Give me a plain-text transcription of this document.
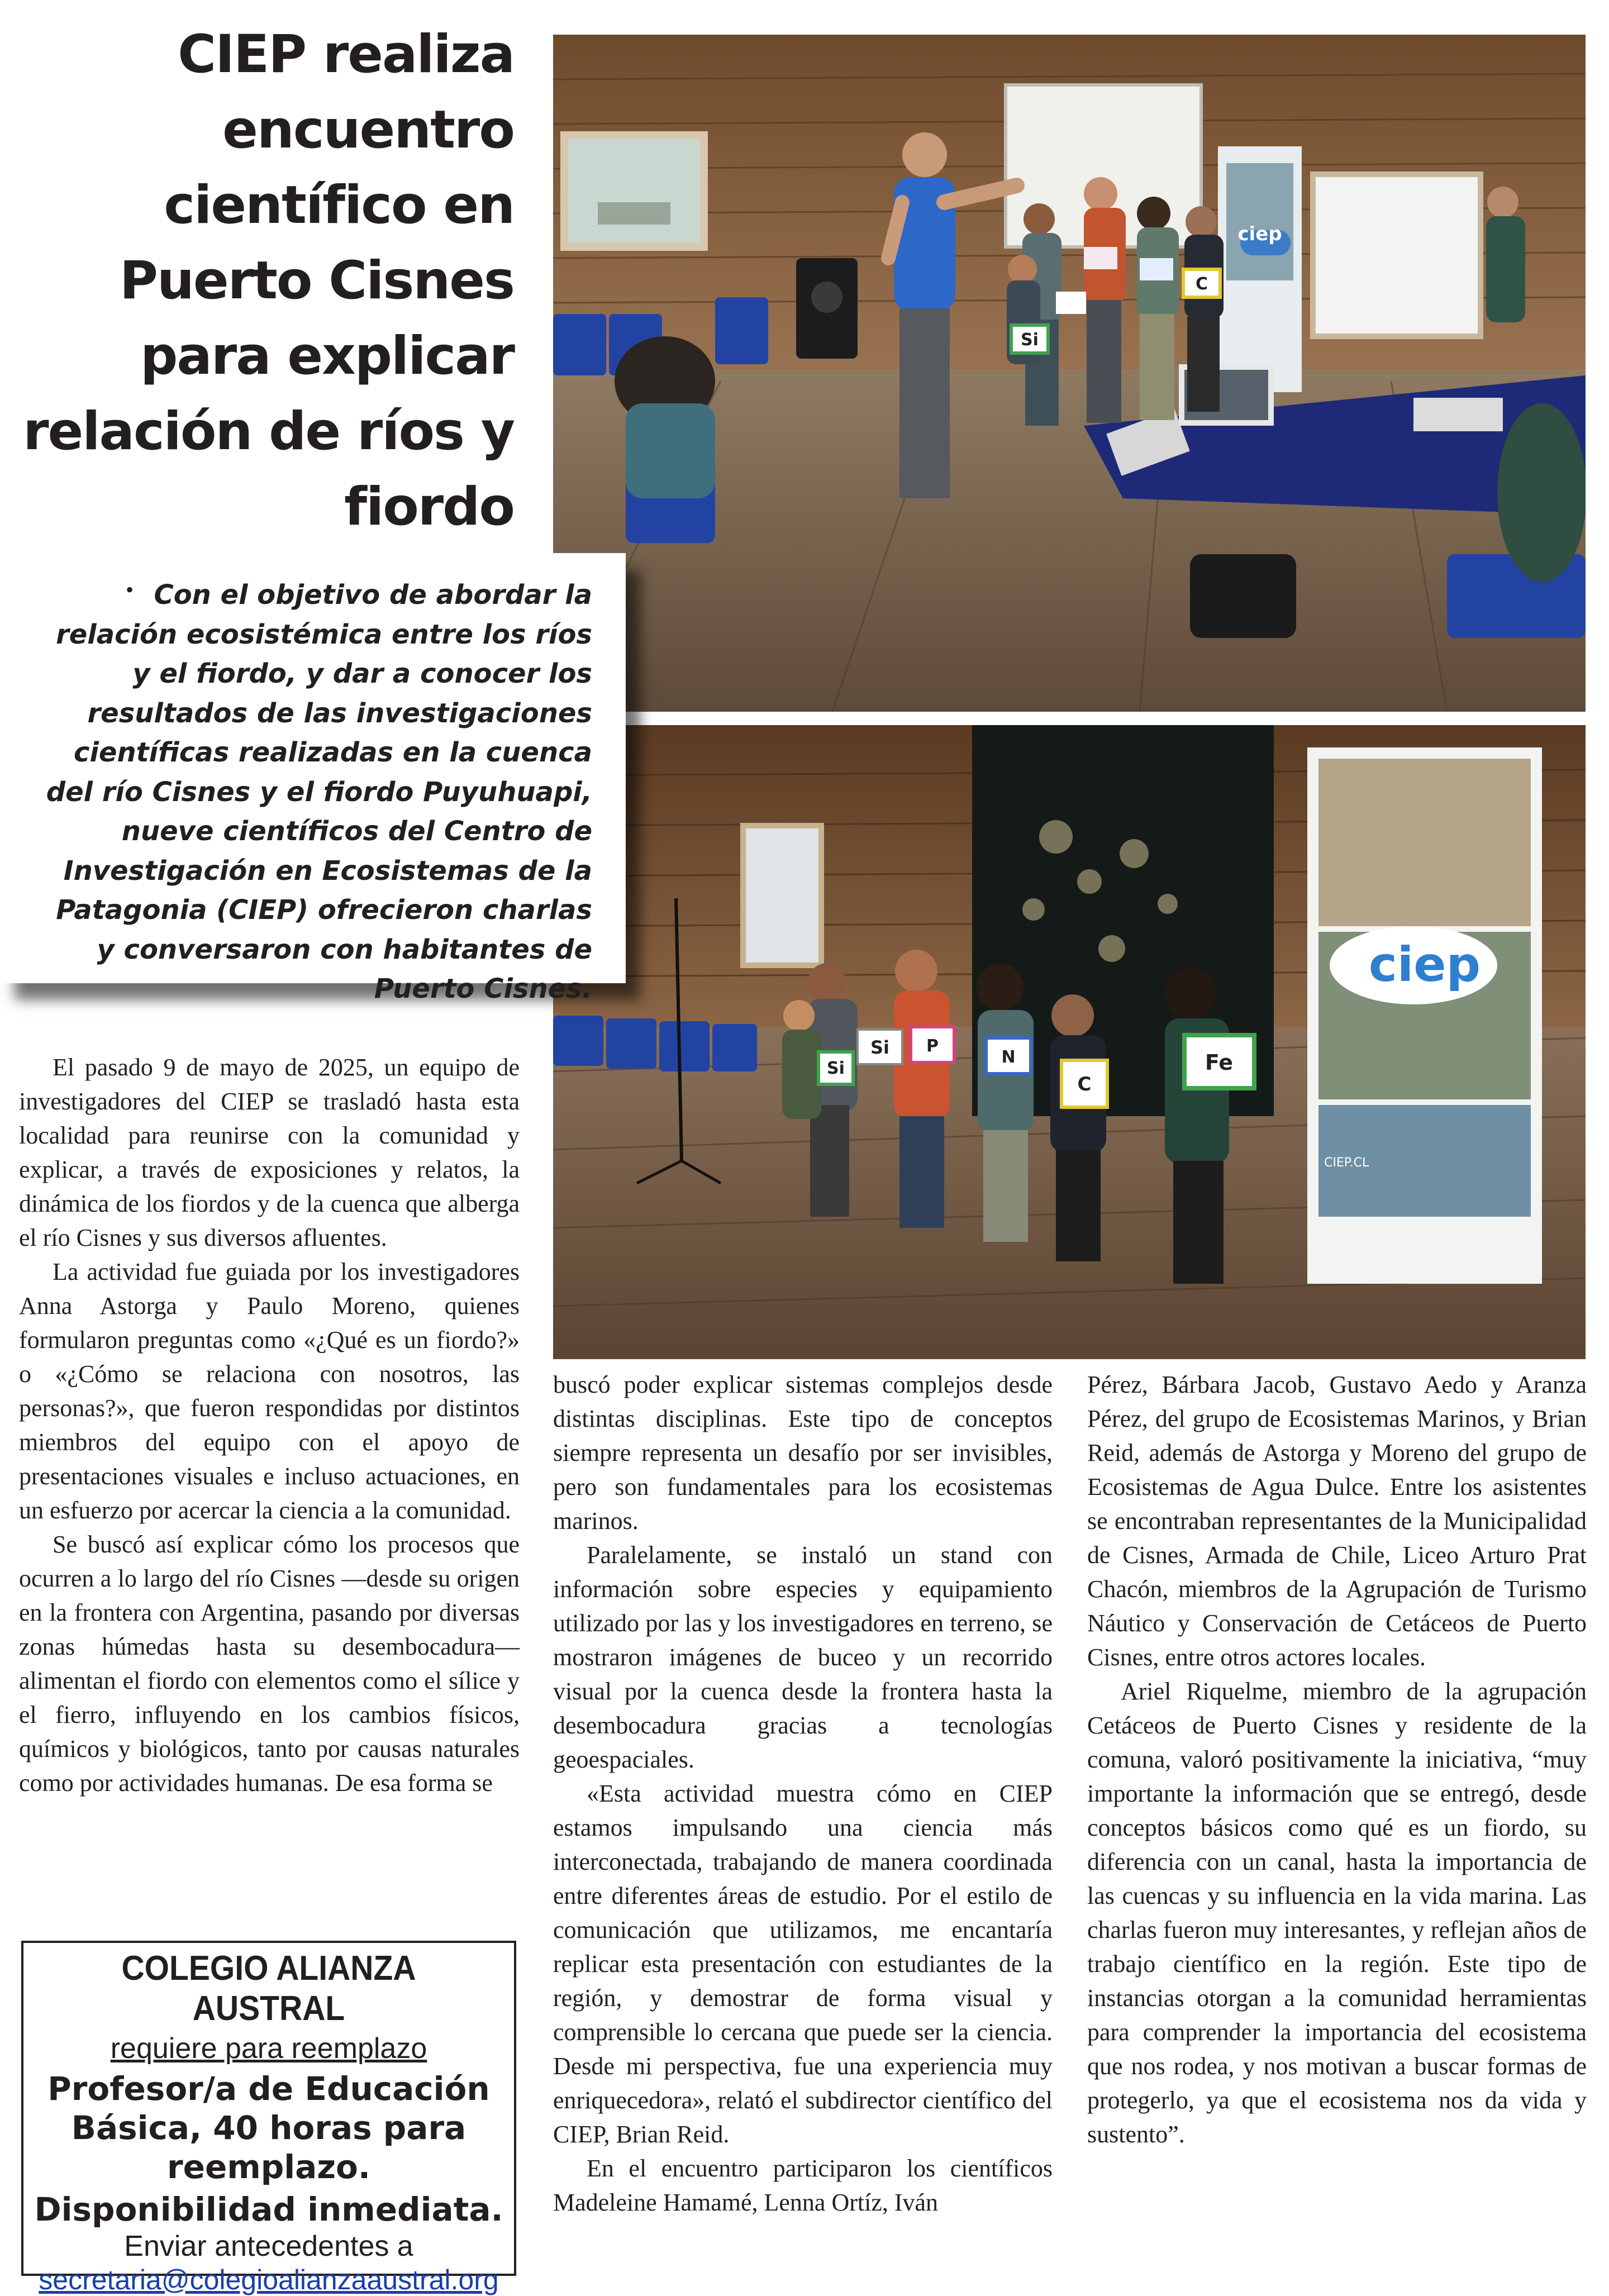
CIEP realiza encuentro científico en Puerto Cisnes para explicar relación de ríos y fiordo
Si
C
ciep
ciep
CIEP.CL
Si
Si P
N
C
Fe
• Con el objetivo de abordar la relación ecosistémica entre los ríos y el fiordo, y dar a conocer los resultados de las investigaciones científicas realizadas en la cuenca del río Cisnes y el fiordo Puyuhuapi, nueve científicos del Centro de Investigación en Ecosistemas de la Patagonia (CIEP) ofrecieron charlas y conversaron con habitantes de Puerto Cisnes.

El pasado 9 de mayo de 2025, un equipo de investigadores del CIEP se trasladó hasta esta localidad para reunirse con la comunidad y explicar, a través de exposiciones y relatos, la dinámica de los fiordos y de la cuenca que alberga el río Cisnes y sus diversos afluentes.

La actividad fue guiada por los investigadores Anna Astorga y Paulo Moreno, quienes formularon preguntas como «¿Qué es un fiordo?» o «¿Cómo se relaciona con nosotros, las personas?», que fueron respondidas por distintos miembros del equipo con el apoyo de presentaciones visuales e incluso actuaciones, en un esfuerzo por acercar la ciencia a la comunidad.

Se buscó así explicar cómo los procesos que ocurren a lo largo del río Cisnes —desde su origen en la frontera con Argentina, pasando por diversas zonas húmedas hasta su desembocadura— alimentan el fiordo con elementos como el sílice y el fierro, influyendo en los cambios físicos, químicos y biológicos, tanto por causas naturales como por actividades humanas. De esa forma se

buscó poder explicar sistemas complejos desde distintas disciplinas. Este tipo de conceptos siempre representa un desafío por ser invisibles, pero son fundamentales para los ecosistemas marinos.

Paralelamente, se instaló un stand con información sobre especies y equipamiento utilizado por las y los investigadores en terreno, se mostraron imágenes de buceo y un recorrido visual por la cuenca desde la frontera hasta la desembocadura gracias a tecnologías geoespaciales.

«Esta actividad muestra cómo en CIEP estamos impulsando una ciencia más interconectada, trabajando de manera coordinada entre diferentes áreas de estudio. Por el estilo de comunicación que utilizamos, me encantaría replicar esta presentación con estudiantes de la región, y demostrar de forma visual y comprensible lo cercana que puede ser la ciencia. Desde mi perspectiva, fue una experiencia muy enriquecedora», relató el subdirector científico del CIEP, Brian Reid.

En el encuentro participaron los científicos Madeleine Hamamé, Lenna Ortíz, Iván

Pérez, Bárbara Jacob, Gustavo Aedo y Aranza Pérez, del grupo de Ecosistemas Marinos, y Brian Reid, además de Astorga y Moreno del grupo de Ecosistemas de Agua Dulce. Entre los asistentes se encontraban representantes de la Municipalidad de Cisnes, Armada de Chile, Liceo Arturo Prat Chacón, miembros de la Agrupación de Turismo Náutico y Conservación de Cetáceos de Puerto Cisnes, entre otros actores locales.

Ariel Riquelme, miembro de la agrupación Cetáceos de Puerto Cisnes y residente de la comuna, valoró positivamente la iniciativa, “muy importante la información que se entregó, desde conceptos básicos como qué es un fiordo, su diferencia con un canal, hasta la importancia de las cuencas y su influencia en la vida marina. Las charlas fueron muy interesantes, y reflejan años de trabajo científico en la región. Este tipo de instancias otorgan a la comunidad herramientas para comprender la importancia del ecosistema que nos rodea, y nos motivan a buscar formas de protegerlo, ya que el ecosistema nos da vida y sustento”.

COLEGIO ALIANZA AUSTRAL

requiere para reemplazo

Profesor/a de Educación Básica, 40 horas para reemplazo.

Disponibilidad inmediata.

Enviar antecedentes a

secretaria@colegioalianzaaustral.org
